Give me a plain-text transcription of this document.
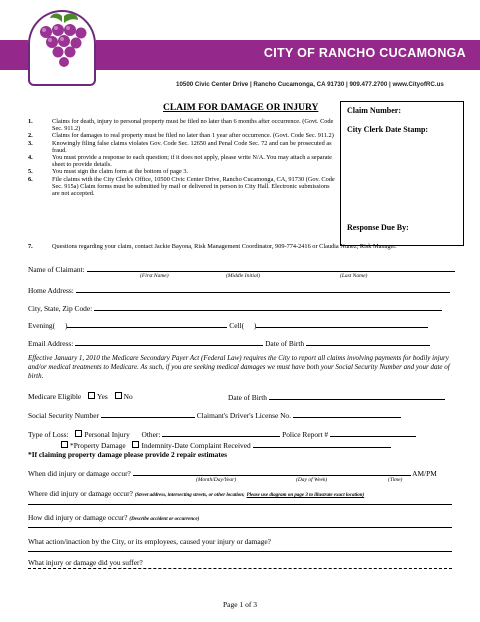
CITY OF RANCHO CUCAMONGA
10500 Civic Center Drive | Rancho Cucamonga, CA 91730 | 909.477.2700 | www.CityofRC.us
CLAIM FOR DAMAGE OR INJURY	Claim Number:
City Clerk Date Stamp:
Response Due By:
1.	Claims for death, injury to personal property must be filed no later than 6 months after occurrence. (Govt. Code Sec. 911.2)
2.	Claims for damages to real property must be filed no later than 1 year after occurrence. (Govt. Code Sec. 911.2)
3.	Knowingly filing false claims violates Gov. Code Sec. 12650 and Penal Code Sec. 72 and can be prosecuted as fraud.
4.	You must provide a response to each question; if it does not apply, please write N/A. You may attach a separate sheet to provide details.
5.	You must sign the claim form at the bottom of page 3.
6.	File claims with the City Clerk's Office, 10500 Civic Center Drive, Rancho Cucamonga, CA, 91730 (Gov. Code Sec. 915a) Claim forms must be submitted by mail or delivered in person to City Hall. Electronic submissions are not accepted.
7.	Questions regarding your claim, contact Jackie Bayona, Risk Management Coordinator, 909-774-2416 or Claudia Nunez, Risk Manager.
Name of Claimant:
(First Name)	(Middle Initial)	(Last Name)
Home Address:
City, State, Zip Code:
Evening( )	Cell( )
Email Address:	Date of Birth
Effective January 1, 2010 the Medicare Secondary Payer Act (Federal Law) requires the City to report all claims involving payments for bodily injury and/or medical treatments to Medicare. As such, if you are seeking medical damages we must have both your Social Security Number and your date of birth.
Medicare Eligible Yes No	Date of Birth
Social Security Number	Claimant's Driver's License No.
Type of Loss: Personal Injury Other:	Police Report #
*Property Damage Indemnity-Date Complaint Received
*If claiming property damage please provide 2 repair estimates
When did injury or damage occur?	AM/PM
(Month/Day/Year)	(Day of Week)	(Time)
Where did injury or damage occur? (Street address, intersecting streets, or other location; Please use diagram on page 3 to illustrate exact location)
How did injury or damage occur? (Describe accident or occurrence)
What action/inaction by the City, or its employees, caused your injury or damage?
What injury or damage did you suffer?
Page 1 of 3
